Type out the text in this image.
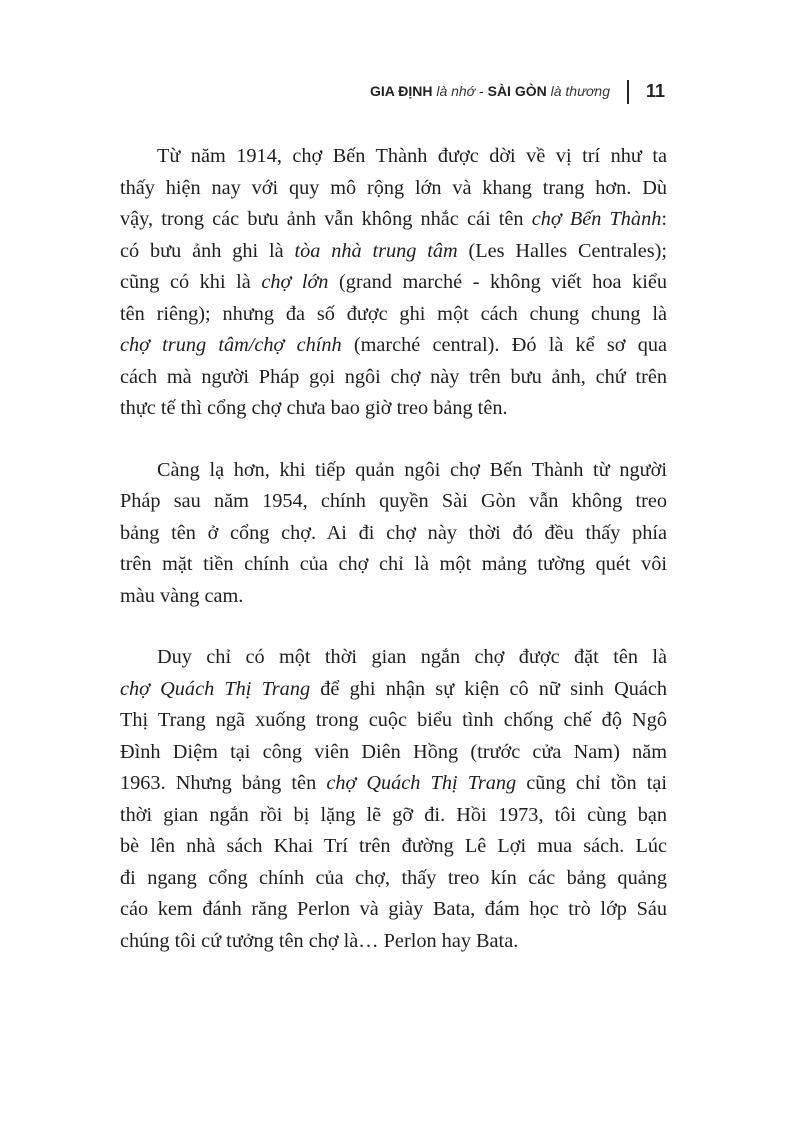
GIA ĐỊNH là nhớ - SÀI GÒN là thương 11
Từ năm 1914, chợ Bến Thành được dời về vị trí như ta
thấy hiện nay với quy mô rộng lớn và khang trang hơn. Dù
vậy, trong các bưu ảnh vẫn không nhắc cái tên chợ Bến Thành:
có bưu ảnh ghi là tòa nhà trung tâm (Les Halles Centrales);
cũng có khi là chợ lớn (grand marché - không viết hoa kiểu
tên riêng); nhưng đa số được ghi một cách chung chung là
chợ trung tâm/chợ chính (marché central). Đó là kể sơ qua
cách mà người Pháp gọi ngôi chợ này trên bưu ảnh, chứ trên
thực tế thì cổng chợ chưa bao giờ treo bảng tên.
Càng lạ hơn, khi tiếp quản ngôi chợ Bến Thành từ người
Pháp sau năm 1954, chính quyền Sài Gòn vẫn không treo
bảng tên ở cổng chợ. Ai đi chợ này thời đó đều thấy phía
trên mặt tiền chính của chợ chỉ là một mảng tường quét vôi
màu vàng cam.
Duy chỉ có một thời gian ngắn chợ được đặt tên là
chợ Quách Thị Trang để ghi nhận sự kiện cô nữ sinh Quách
Thị Trang ngã xuống trong cuộc biểu tình chống chế độ Ngô
Đình Diệm tại công viên Diên Hồng (trước cửa Nam) năm
1963. Nhưng bảng tên chợ Quách Thị Trang cũng chỉ tồn tại
thời gian ngắn rồi bị lặng lẽ gỡ đi. Hồi 1973, tôi cùng bạn
bè lên nhà sách Khai Trí trên đường Lê Lợi mua sách. Lúc
đi ngang cổng chính của chợ, thấy treo kín các bảng quảng
cáo kem đánh răng Perlon và giày Bata, đám học trò lớp Sáu
chúng tôi cứ tưởng tên chợ là… Perlon hay Bata.
